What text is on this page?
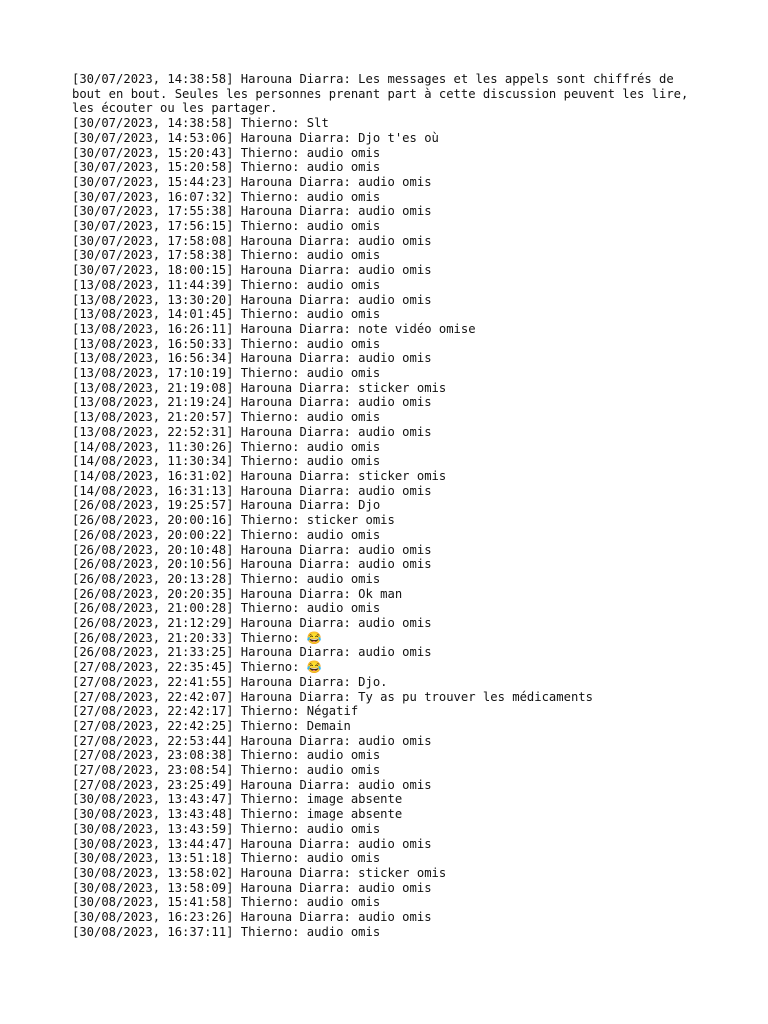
[30/07/2023, 14:38:58] Harouna Diarra: Les messages et les appels sont chiffrés de bout en bout. Seules les personnes prenant part à cette discussion peuvent les lire, les écouter ou les partager.
[30/07/2023, 14:38:58] Thierno: Slt
[30/07/2023, 14:53:06] Harouna Diarra: Djo t'es où
[30/07/2023, 15:20:43] Thierno: audio omis
[30/07/2023, 15:20:58] Thierno: audio omis
[30/07/2023, 15:44:23] Harouna Diarra: audio omis
[30/07/2023, 16:07:32] Thierno: audio omis
[30/07/2023, 17:55:38] Harouna Diarra: audio omis
[30/07/2023, 17:56:15] Thierno: audio omis
[30/07/2023, 17:58:08] Harouna Diarra: audio omis
[30/07/2023, 17:58:38] Thierno: audio omis
[30/07/2023, 18:00:15] Harouna Diarra: audio omis
[13/08/2023, 11:44:39] Thierno: audio omis
[13/08/2023, 13:30:20] Harouna Diarra: audio omis
[13/08/2023, 14:01:45] Thierno: audio omis
[13/08/2023, 16:26:11] Harouna Diarra: note vidéo omise
[13/08/2023, 16:50:33] Thierno: audio omis
[13/08/2023, 16:56:34] Harouna Diarra: audio omis
[13/08/2023, 17:10:19] Thierno: audio omis
[13/08/2023, 21:19:08] Harouna Diarra: sticker omis
[13/08/2023, 21:19:24] Harouna Diarra: audio omis
[13/08/2023, 21:20:57] Thierno: audio omis
[13/08/2023, 22:52:31] Harouna Diarra: audio omis
[14/08/2023, 11:30:26] Thierno: audio omis
[14/08/2023, 11:30:34] Thierno: audio omis
[14/08/2023, 16:31:02] Harouna Diarra: sticker omis
[14/08/2023, 16:31:13] Harouna Diarra: audio omis
[26/08/2023, 19:25:57] Harouna Diarra: Djo
[26/08/2023, 20:00:16] Thierno: sticker omis
[26/08/2023, 20:00:22] Thierno: audio omis
[26/08/2023, 20:10:48] Harouna Diarra: audio omis
[26/08/2023, 20:10:56] Harouna Diarra: audio omis
[26/08/2023, 20:13:28] Thierno: audio omis
[26/08/2023, 20:20:35] Harouna Diarra: Ok man
[26/08/2023, 21:00:28] Thierno: audio omis
[26/08/2023, 21:12:29] Harouna Diarra: audio omis
[26/08/2023, 21:20:33] Thierno: 😂
[26/08/2023, 21:33:25] Harouna Diarra: audio omis
[27/08/2023, 22:35:45] Thierno: 😂
[27/08/2023, 22:41:55] Harouna Diarra: Djo.
[27/08/2023, 22:42:07] Harouna Diarra: Ty as pu trouver les médicaments
[27/08/2023, 22:42:17] Thierno: Négatif
[27/08/2023, 22:42:25] Thierno: Demain
[27/08/2023, 22:53:44] Harouna Diarra: audio omis
[27/08/2023, 23:08:38] Thierno: audio omis
[27/08/2023, 23:08:54] Thierno: audio omis
[27/08/2023, 23:25:49] Harouna Diarra: audio omis
[30/08/2023, 13:43:47] Thierno: image absente
[30/08/2023, 13:43:48] Thierno: image absente
[30/08/2023, 13:43:59] Thierno: audio omis
[30/08/2023, 13:44:47] Harouna Diarra: audio omis
[30/08/2023, 13:51:18] Thierno: audio omis
[30/08/2023, 13:58:02] Harouna Diarra: sticker omis
[30/08/2023, 13:58:09] Harouna Diarra: audio omis
[30/08/2023, 15:41:58] Thierno: audio omis
[30/08/2023, 16:23:26] Harouna Diarra: audio omis
[30/08/2023, 16:37:11] Thierno: audio omis
